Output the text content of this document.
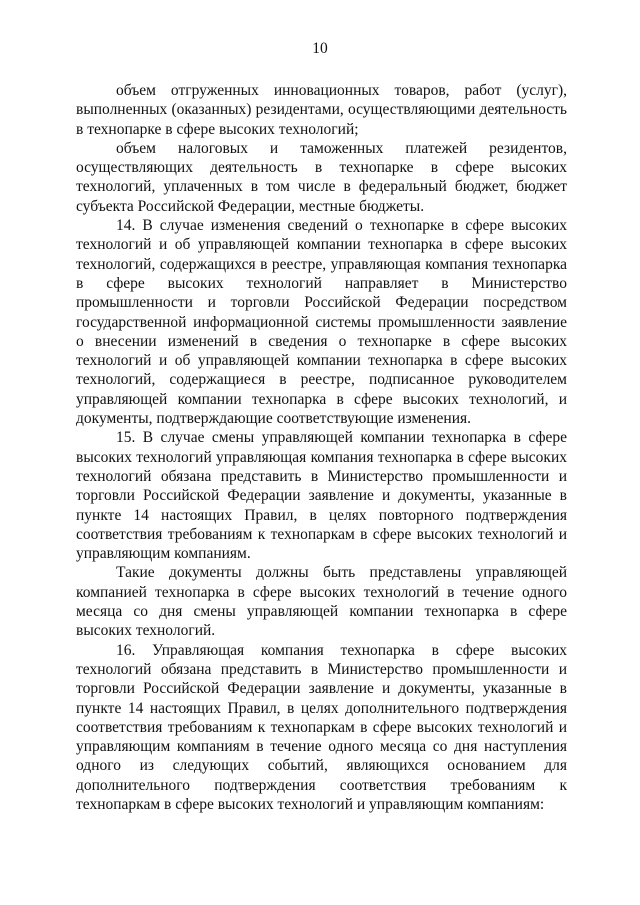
10

объем отгруженных инновационных товаров, работ (услуг), выполненных (оказанных) резидентами, осуществляющими деятельность в технопарке в сфере высоких технологий;

объем налоговых и таможенных платежей резидентов, осуществляющих деятельность в технопарке в сфере высоких технологий, уплаченных в том числе в федеральный бюджет, бюджет субъекта Российской Федерации, местные бюджеты.

14. В случае изменения сведений о технопарке в сфере высоких технологий и об управляющей компании технопарка в сфере высоких технологий, содержащихся в реестре, управляющая компания технопарка в сфере высоких технологий направляет в Министерство промышленности и торговли Российской Федерации посредством государственной информационной системы промышленности заявление о внесении изменений в сведения о технопарке в сфере высоких технологий и об управляющей компании технопарка в сфере высоких технологий, содержащиеся в реестре, подписанное руководителем управляющей компании технопарка в сфере высоких технологий, и документы, подтверждающие соответствующие изменения.

15. В случае смены управляющей компании технопарка в сфере высоких технологий управляющая компания технопарка в сфере высоких технологий обязана представить в Министерство промышленности и торговли Российской Федерации заявление и документы, указанные в пункте 14 настоящих Правил, в целях повторного подтверждения соответствия требованиям к технопаркам в сфере высоких технологий и управляющим компаниям.

Такие документы должны быть представлены управляющей компанией технопарка в сфере высоких технологий в течение одного месяца со дня смены управляющей компании технопарка в сфере высоких технологий.

16. Управляющая компания технопарка в сфере высоких технологий обязана представить в Министерство промышленности и торговли Российской Федерации заявление и документы, указанные в пункте 14 настоящих Правил, в целях дополнительного подтверждения соответствия требованиям к технопаркам в сфере высоких технологий и управляющим компаниям в течение одного месяца со дня наступления одного из следующих событий, являющихся основанием для дополнительного подтверждения соответствия требованиям к технопаркам в сфере высоких технологий и управляющим компаниям:
